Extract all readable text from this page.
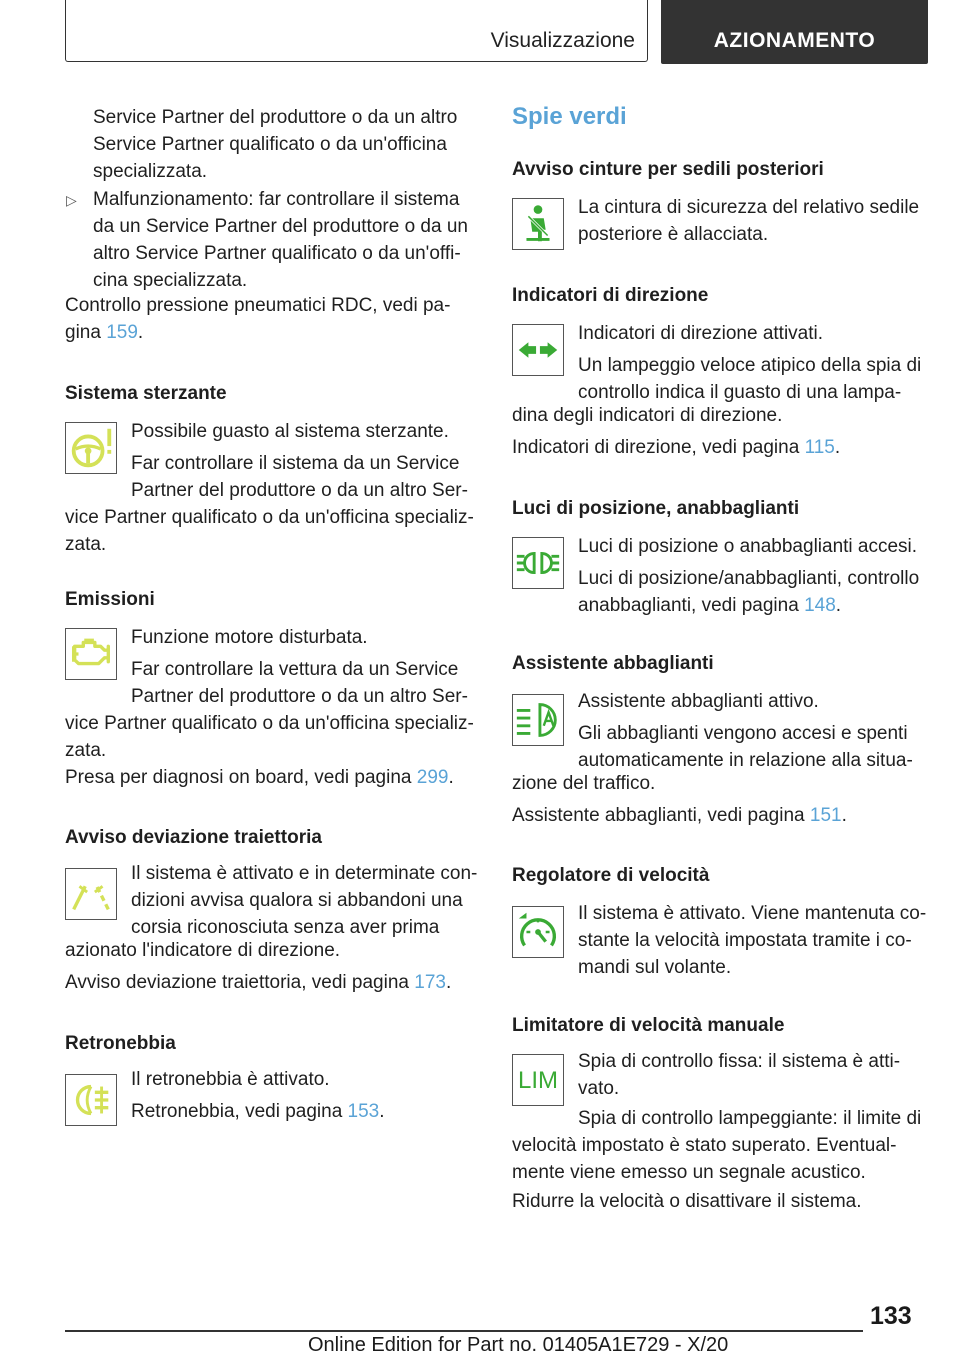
Visualizzazione	AZIONAMENTO
Service Partner del produttore o da un altro
Service Partner qualificato o da un'officina
specializzata.
▷ Malfunzionamento: far controllare il sistema
da un Service Partner del produttore o da un
altro Service Partner qualificato o da un'offi-
cina specializzata.
Controllo pressione pneumatici RDC, vedi pa-
gina 159.
Sistema sterzante
Possibile guasto al sistema sterzante.
Far controllare il sistema da un Service
Partner del produttore o da un altro Ser-
vice Partner qualificato o da un'officina specializ-
zata.
Emissioni
Funzione motore disturbata.
Far controllare la vettura da un Service
Partner del produttore o da un altro Ser-
vice Partner qualificato o da un'officina specializ-
zata.
Presa per diagnosi on board, vedi pagina 299.
Avviso deviazione traiettoria
Il sistema è attivato e in determinate con-
dizioni avvisa qualora si abbandoni una
corsia riconosciuta senza aver prima
azionato l'indicatore di direzione.
Avviso deviazione traiettoria, vedi pagina 173.
Retronebbia
Il retronebbia è attivato.
Retronebbia, vedi pagina 153.
Spie verdi
Avviso cinture per sedili posteriori
La cintura di sicurezza del relativo sedile
posteriore è allacciata.
Indicatori di direzione
Indicatori di direzione attivati.
Un lampeggio veloce atipico della spia di
controllo indica il guasto di una lampa-
dina degli indicatori di direzione.
Indicatori di direzione, vedi pagina 115.
Luci di posizione, anabbaglianti
Luci di posizione o anabbaglianti accesi.
Luci di posizione/anabbaglianti, controllo
anabbaglianti, vedi pagina 148.
Assistente abbaglianti
Assistente abbaglianti attivo.
Gli abbaglianti vengono accesi e spenti
automaticamente in relazione alla situa-
zione del traffico.
Assistente abbaglianti, vedi pagina 151.
Regolatore di velocità
Il sistema è attivato. Viene mantenuta co-
stante la velocità impostata tramite i co-
mandi sul volante.
Limitatore di velocità manuale
LIM
Spia di controllo fissa: il sistema è atti-
vato.
Spia di controllo lampeggiante: il limite di
velocità impostato è stato superato. Eventual-
mente viene emesso un segnale acustico.
Ridurre la velocità o disattivare il sistema.
133
Online Edition for Part no. 01405A1E729 - X/20
